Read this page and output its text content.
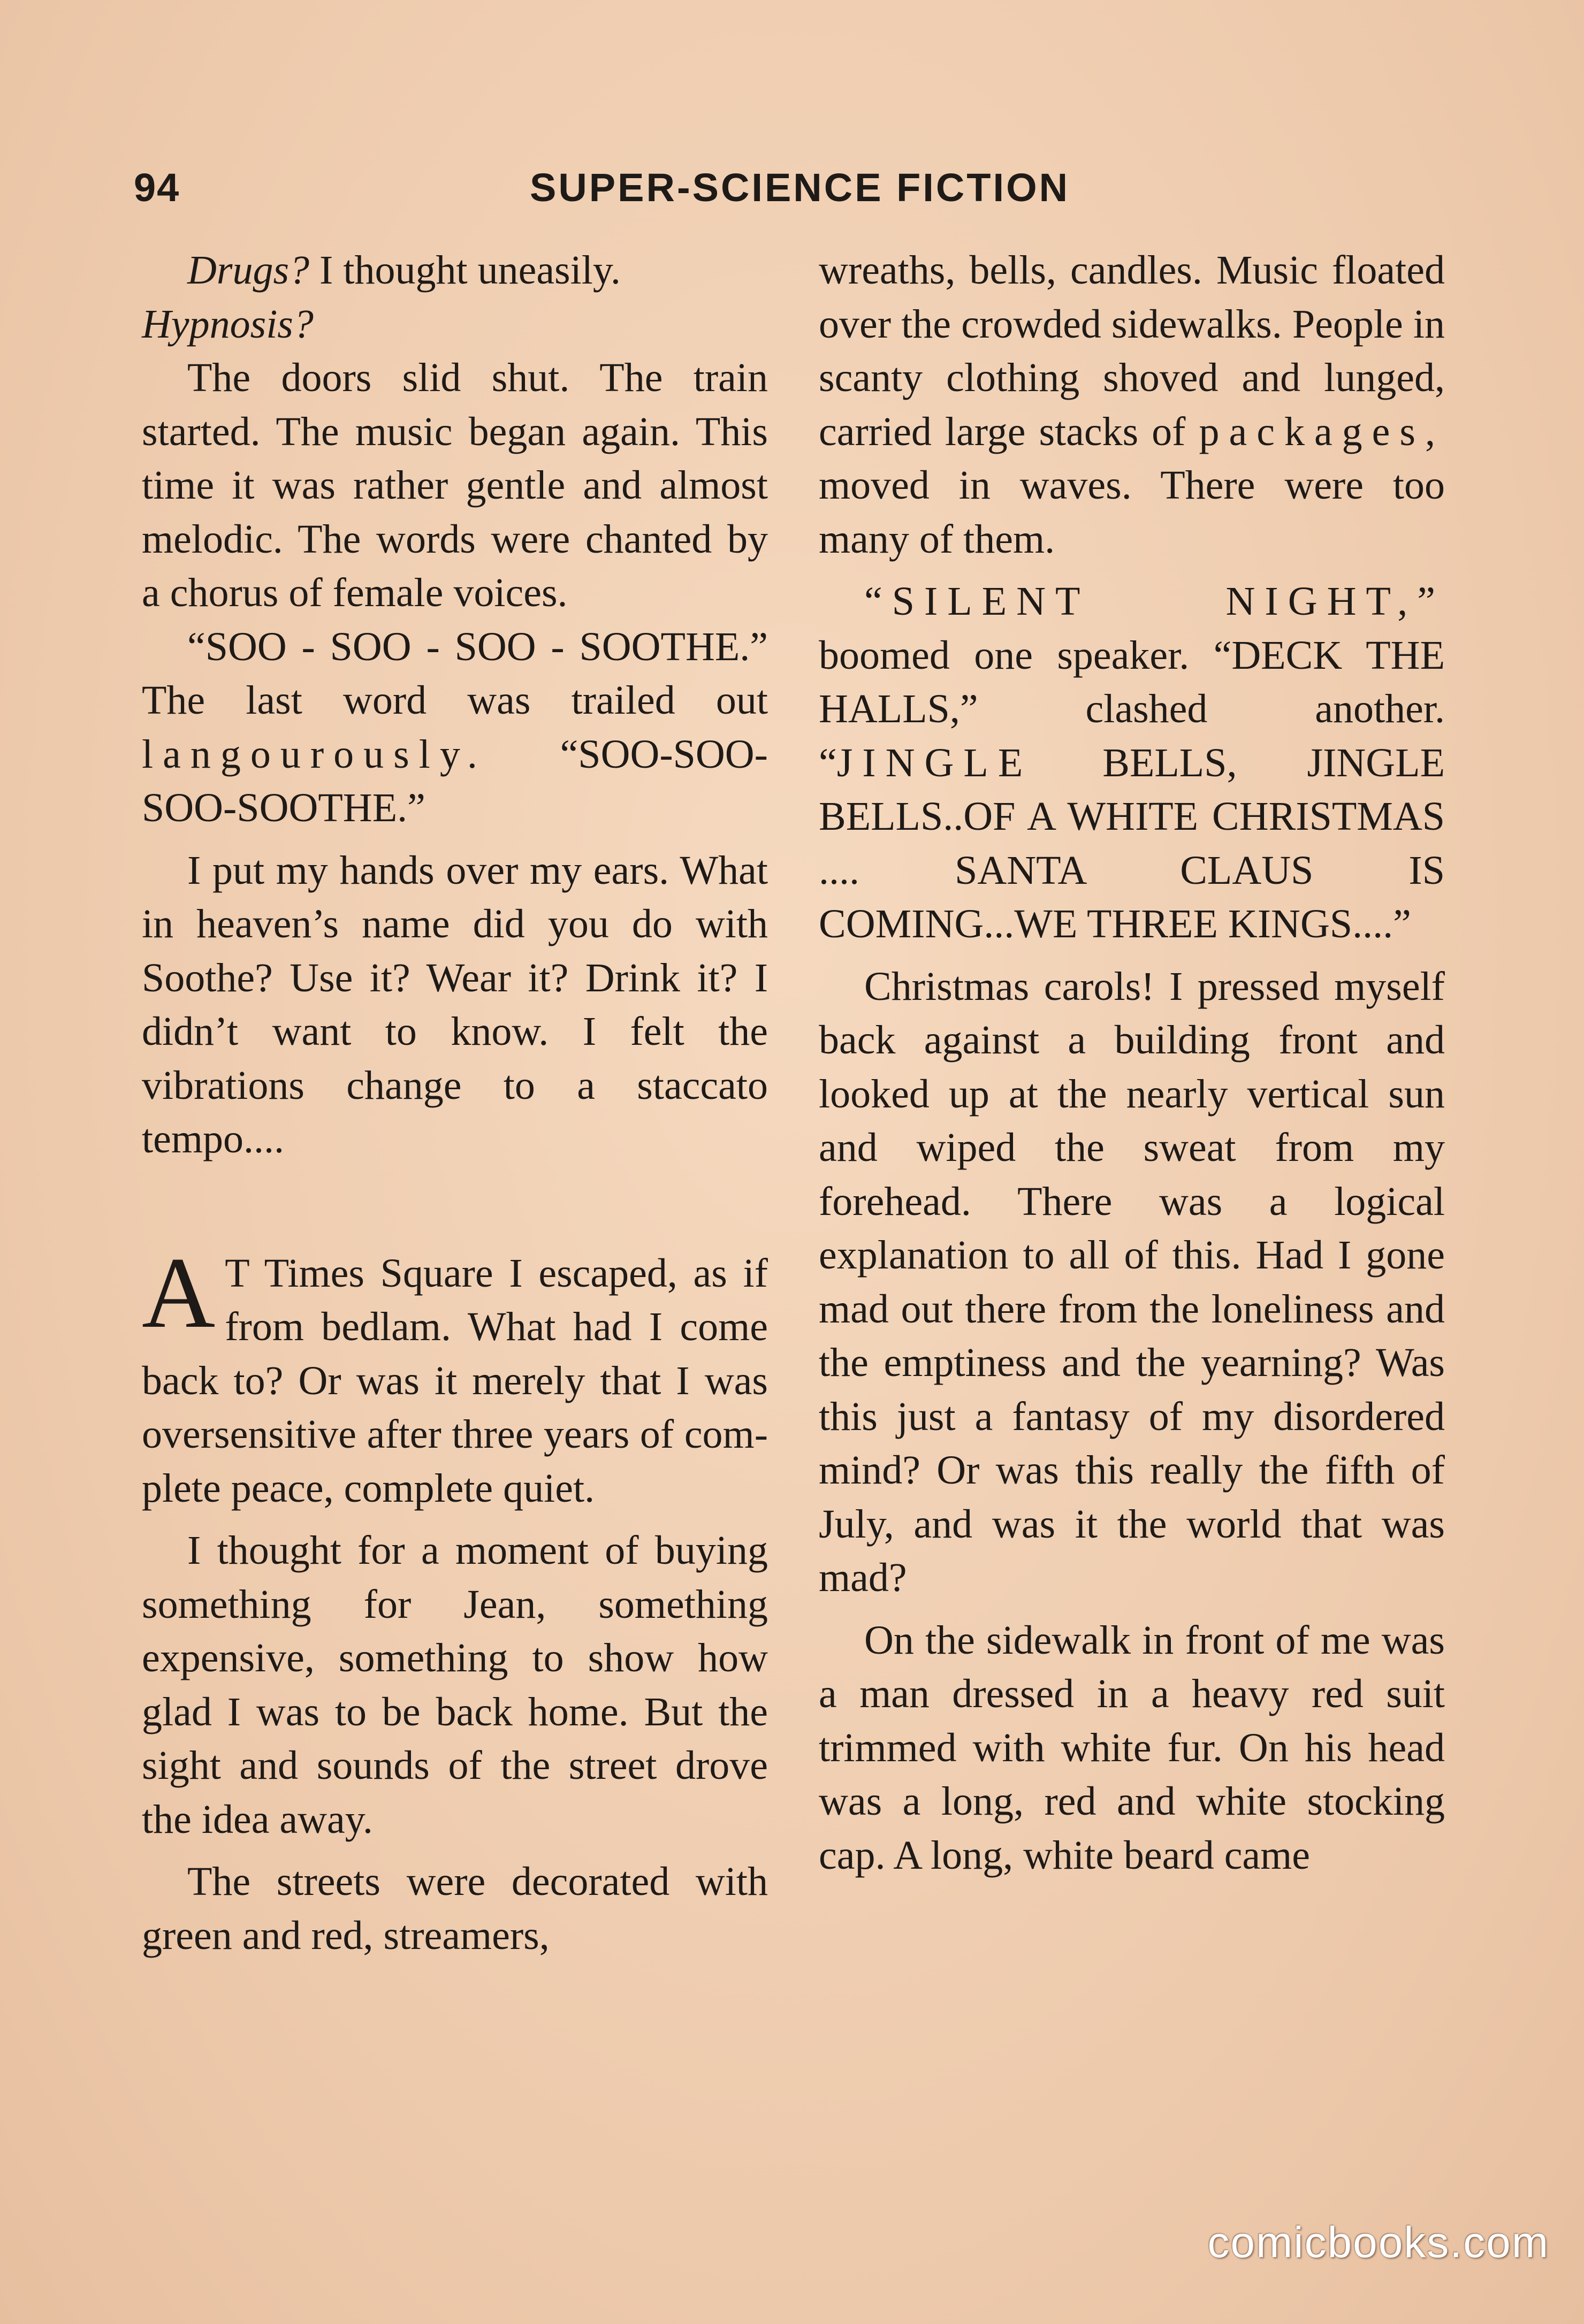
94	SUPER-SCIENCE FICTION

Drugs? I thought uneasily.
Hypnosis?

The doors slid shut. The train started. The music began again. This time it was rather gentle and almost melodic. The words were chanted by a chorus of female voices.

“SOO - SOO - SOO - SOOTHE.” The last word was trailed out langourously. “SOO-SOO-SOO-SOOTHE.”

I put my hands over my ears. What in heaven’s name did you do with Soothe? Use it? Wear it? Drink it? I didn’t want to know. I felt the vibrations change to a staccato tempo....

A T Times Square I escaped, as if from bedlam. What had I come back to? Or was it merely that I was oversensitive after three years of complete peace, complete quiet.

I thought for a moment of buying something for Jean, something expensive, something to show how glad I was to be back home. But the sight and sounds of the street drove the idea away.

The streets were decorated with green and red, streamers,

wreaths, bells, candles. Music floated over the crowded sidewalks. People in scanty clothing shoved and lunged, carried large stacks of packages, moved in waves. There were too many of them.

“SILENT NIGHT,” boomed one speaker. “DECK THE HALLS,” clashed another. “JINGLE BELLS, JINGLE BELLS..OF A WHITE CHRISTMAS .... SANTA CLAUS IS COMING...WE THREE KINGS....”

Christmas carols! I pressed myself back against a building front and looked up at the nearly vertical sun and wiped the sweat from my forehead. There was a logical explanation to all of this. Had I gone mad out there from the loneliness and the emptiness and the yearning? Was this just a fantasy of my disordered mind? Or was this really the fifth of July, and was it the world that was mad?

On the sidewalk in front of me was a man dressed in a heavy red suit trimmed with white fur. On his head was a long, red and white stocking cap. A long, white beard came

comicbooks.com
